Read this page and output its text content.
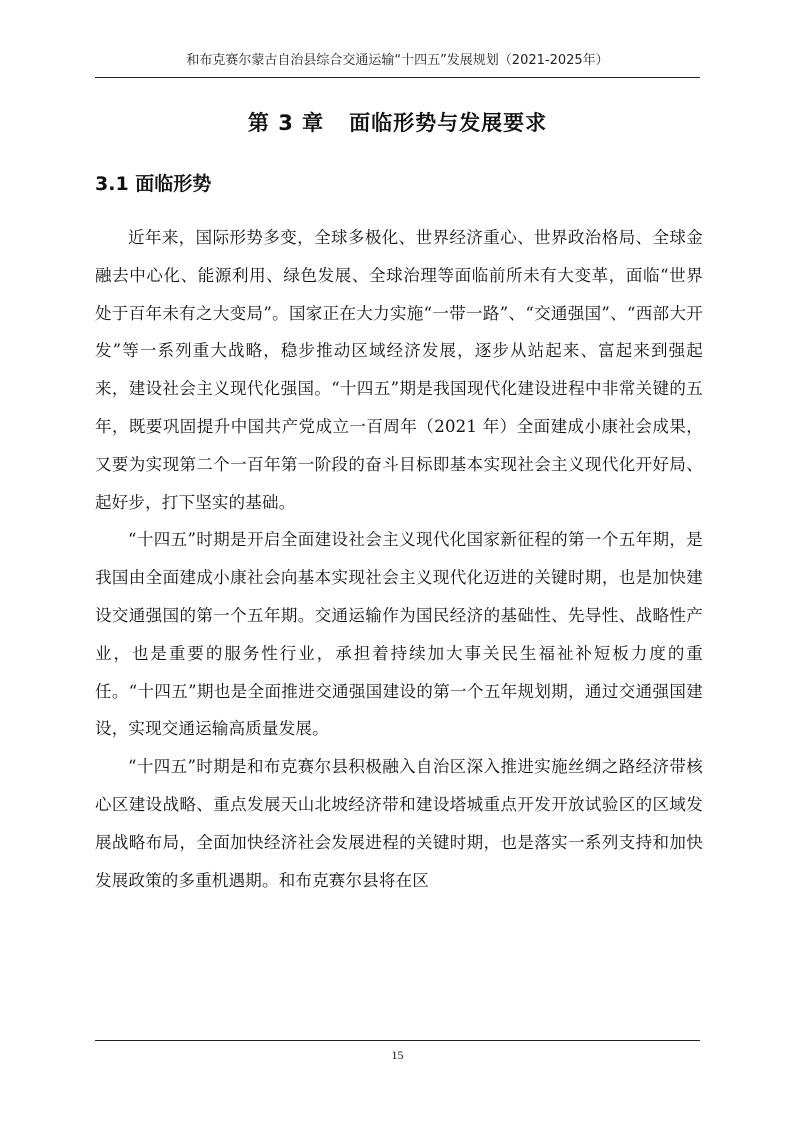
和布克赛尔蒙古自治县综合交通运输“十四五”发展规划（2021-2025年）
第 3 章   面临形势与发展要求
3.1 面临形势

近年来，国际形势多变，全球多极化、世界经济重心、世界政治格局、全球金融去中心化、能源利用、绿色发展、全球治理等面临前所未有大变革，面临“世界处于百年未有之大变局”。国家正在大力实施“一带一路”、“交通强国”、“西部大开发”等一系列重大战略，稳步推动区域经济发展，逐步从站起来、富起来到强起来，建设社会主义现代化强国。“十四五”期是我国现代化建设进程中非常关键的五年，既要巩固提升中国共产党成立一百周年（2021 年）全面建成小康社会成果，又要为实现第二个一百年第一阶段的奋斗目标即基本实现社会主义现代化开好局、起好步，打下坚实的基础。

“十四五”时期是开启全面建设社会主义现代化国家新征程的第一个五年期，是我国由全面建成小康社会向基本实现社会主义现代化迈进的关键时期，也是加快建设交通强国的第一个五年期。交通运输作为国民经济的基础性、先导性、战略性产业，也是重要的服务性行业，承担着持续加大事关民生福祉补短板力度的重任。“十四五”期也是全面推进交通强国建设的第一个五年规划期，通过交通强国建设，实现交通运输高质量发展。

“十四五”时期是和布克赛尔县积极融入自治区深入推进实施丝绸之路经济带核心区建设战略、重点发展天山北坡经济带和建设塔城重点开发开放试验区的区域发展战略布局，全面加快经济社会发展进程的关键时期，也是落实一系列支持和加快发展政策的多重机遇期。和布克赛尔县将在区

15
